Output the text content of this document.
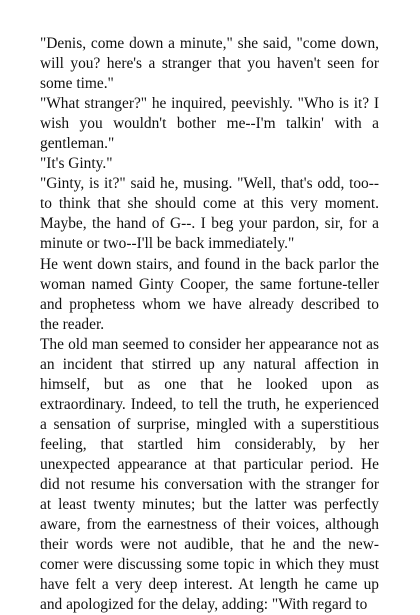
"Denis, come down a minute," she said, "come down, will you? here's a stranger that you haven't seen for some time."

"What stranger?" he inquired, peevishly. "Who is it? I wish you wouldn't bother me--I'm talkin' with a gentleman."

"It's Ginty."

"Ginty, is it?" said he, musing. "Well, that's odd, too--to think that she should come at this very moment. Maybe, the hand of G--. I beg your pardon, sir, for a minute or two--I'll be back immediately."

He went down stairs, and found in the back parlor the woman named Ginty Cooper, the same fortune-teller and prophetess whom we have already described to the reader.

The old man seemed to consider her appearance not as an incident that stirred up any natural affection in himself, but as one that he looked upon as extraordinary. Indeed, to tell the truth, he experienced a sensation of surprise, mingled with a superstitious feeling, that startled him considerably, by her unexpected appearance at that particular period. He did not resume his conversation with the stranger for at least twenty minutes; but the latter was perfectly aware, from the earnestness of their voices, although their words were not audible, that he and the new-comer were discussing some topic in which they must have felt a very deep interest. At length he came up and apologized for the delay, adding: "With regard to
